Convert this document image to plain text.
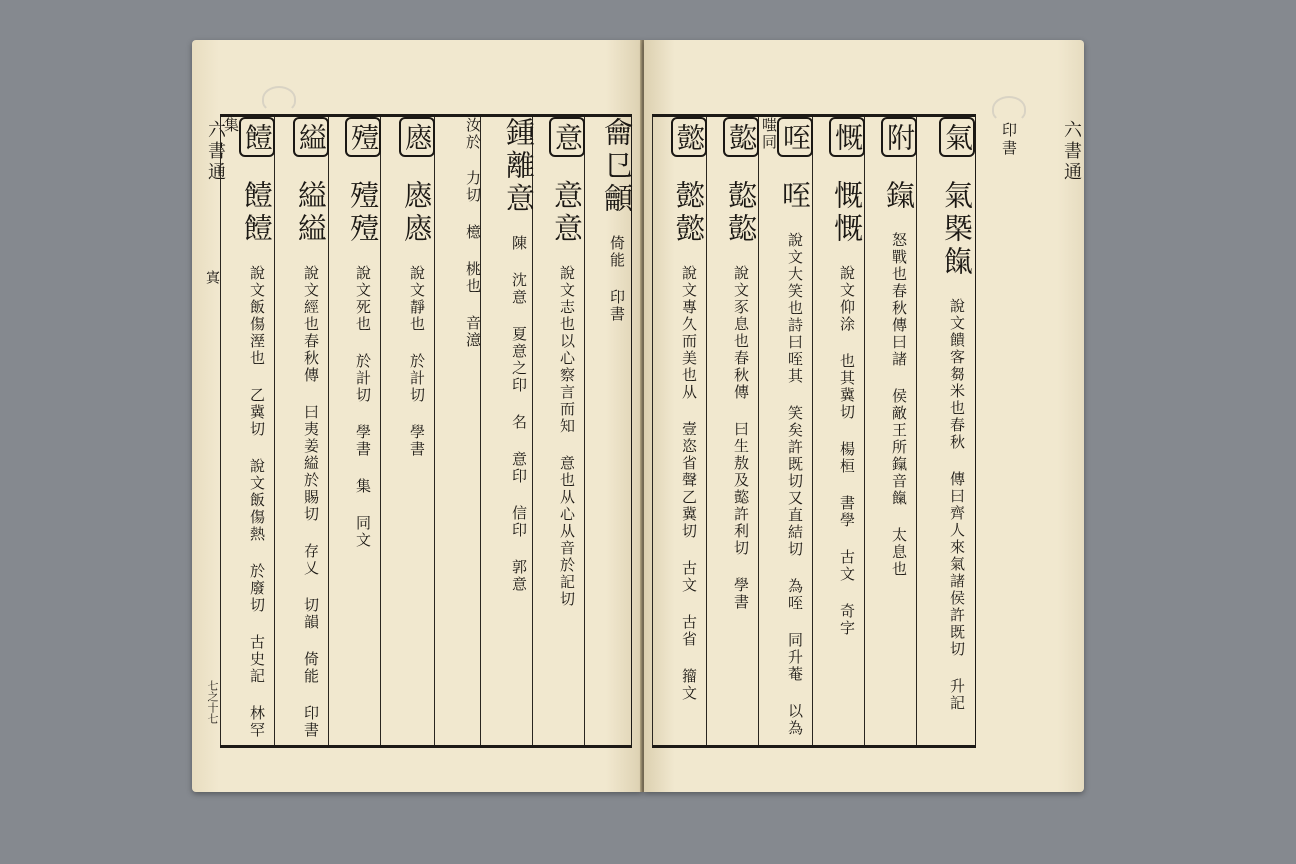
六書通
七之十七
寘
龠㔾龥 倚能 印書
意 意意 說文志也以心察言而知 意也从心从音於記切
鍾離意 陳 沈意 夏意之印 名 意印 信印 郭意
汝於 力切 檍 桃也 音澺
㥷 㥷㥷 說文靜也 於計切 學書
殪 殪殪 說文死也 於計切 學書 集 同文
縊 縊縊 說文經也春秋傳 曰夷姜縊於賜切 存乂 切韻 倚能 印書
饐 饐饐 說文飯傷溼也 乙冀切 說文飯傷熱 於廢切 古史記 林罕集	六書通
印書
氣 氣槩餼 說文饋客芻米也春秋 傳曰齊人來氣諸侯許既切 升記
附 鎎 怒戰也春秋傳曰諸 侯敵王所鎎音餼 太息也
慨 慨慨 說文仰涂 也其冀切 楊桓 書學 古文 奇字
咥 咥 說文大笑也詩曰咥其 笑矣許既切又直結切 為咥 同升菴 以為嗤同
㦤 㦤㦤 說文豕息也春秋傳 曰生敖及㦤許利切 學書
懿 懿懿 說文專久而美也从 壹恣省聲乙冀切 古文 古省 籀文
